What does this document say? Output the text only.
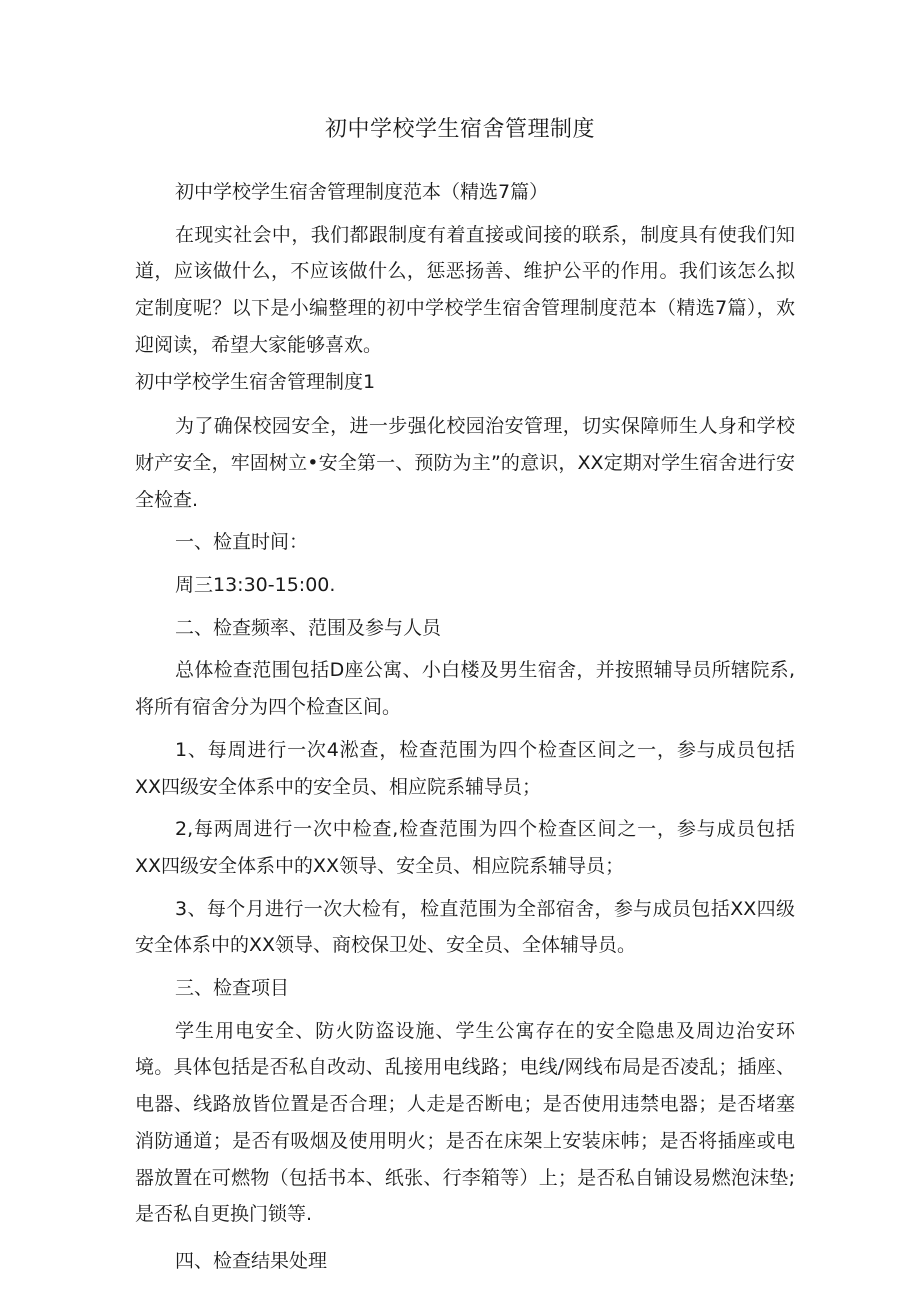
初中学校学生宿舍管理制度

初中学校学生宿舍管理制度范本（精选7篇）

在现实社会中，我们都跟制度有着直接或间接的联系，制度具有使我们知道，应该做什么，不应该做什么，惩恶扬善、维护公平的作用。我们该怎么拟定制度呢？以下是小编整理的初中学校学生宿舍管理制度范本（精选7篇），欢迎阅读，希望大家能够喜欢。

初中学校学生宿舍管理制度1

为了确保校园安全，进一步强化校园治安管理，切实保障师生人身和学校财产安全，牢固树立•安全第一、预防为主”的意识，XX定期对学生宿舍进行安全检查.

一、检直时间：

周三13:30-15:00.

二、检查频率、范围及参与人员

总体检查范围包括D座公寓、小白楼及男生宿舍，并按照辅导员所辖院系,将所有宿舍分为四个检查区间。

1、每周进行一次4淞查，检查范围为四个检查区间之一，参与成员包括XX四级安全体系中的安全员、相应院系辅导员；

2,每两周进行一次中检查,检查范围为四个检查区间之一，参与成员包括XX四级安全体系中的XX领导、安全员、相应院系辅导员；

3、每个月进行一次大检有，检直范围为全部宿舍，参与成员包括XX四级安全体系中的XX领导、商校保卫处、安全员、全体辅导员。

三、检查项目

学生用电安全、防火防盗设施、学生公寓存在的安全隐患及周边治安环境。具体包括是否私自改动、乱接用电线路；电线/网线布局是否凌乱；插座、电器、线路放皆位置是否合理；人走是否断电；是否使用违禁电器；是否堵塞消防通道；是否有吸烟及使用明火；是否在床架上安装床帏；是否将插座或电器放置在可燃物（包括书本、纸张、行李箱等）上；是否私自铺设易燃泡沫垫;是否私自更换门锁等.

四、检查结果处理
